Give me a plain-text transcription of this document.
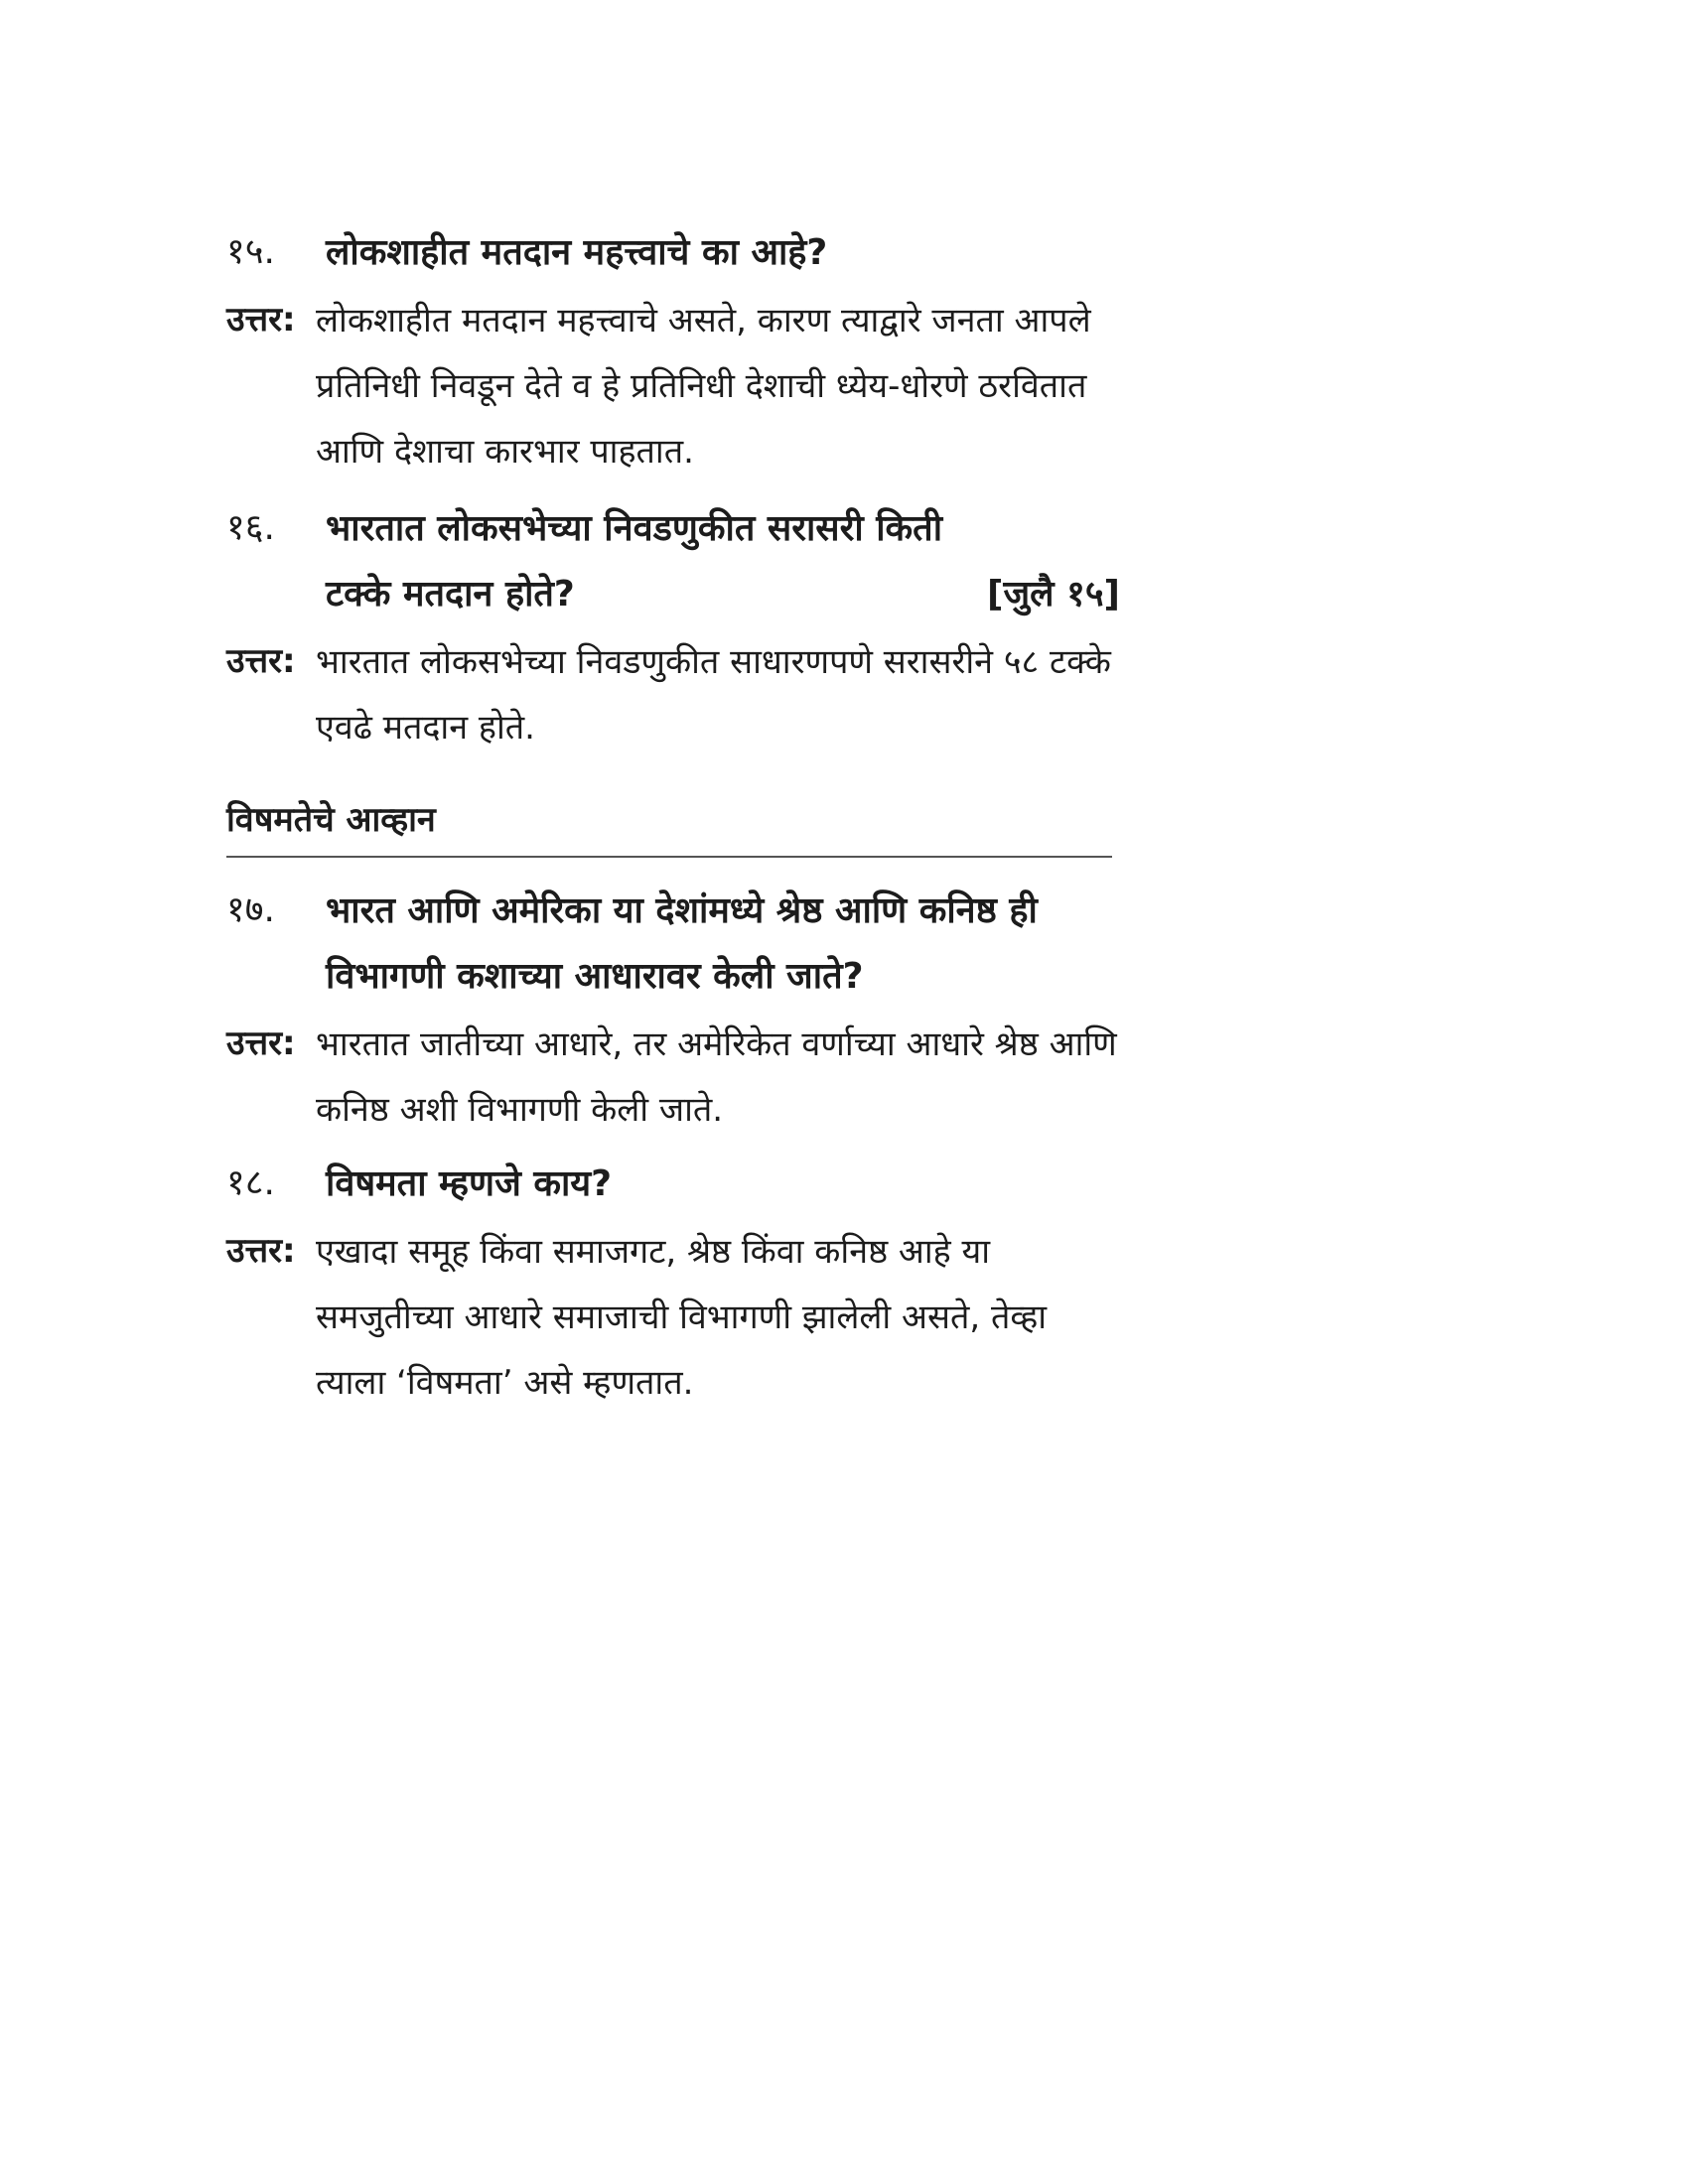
१५.	लोकशाहीत मतदान महत्त्वाचे का आहे?
उत्तर: लोकशाहीत मतदान महत्त्वाचे असते, कारण त्याद्वारे जनता आपले प्रतिनिधी निवडून देते व हे प्रतिनिधी देशाची ध्येय-धोरणे ठरवितात आणि देशाचा कारभार पाहतात.
१६.	भारतात लोकसभेच्या निवडणुकीत सरासरी किती
टक्के मतदान होते?	[जुलै १५]
उत्तर: भारतात लोकसभेच्या निवडणुकीत साधारणपणे सरासरीने ५८ टक्के एवढे मतदान होते.
विषमतेचे आव्हान
१७.	भारत आणि अमेरिका या देशांमध्ये श्रेष्ठ आणि कनिष्ठ ही विभागणी कशाच्या आधारावर केली जाते?
उत्तर: भारतात जातीच्या आधारे, तर अमेरिकेत वर्णाच्या आधारे श्रेष्ठ आणि कनिष्ठ अशी विभागणी केली जाते.
१८.	विषमता म्हणजे काय?
उत्तर: एखादा समूह किंवा समाजगट, श्रेष्ठ किंवा कनिष्ठ आहे या समजुतीच्या आधारे समाजाची विभागणी झालेली असते, तेव्हा त्याला ‘विषमता’ असे म्हणतात.
